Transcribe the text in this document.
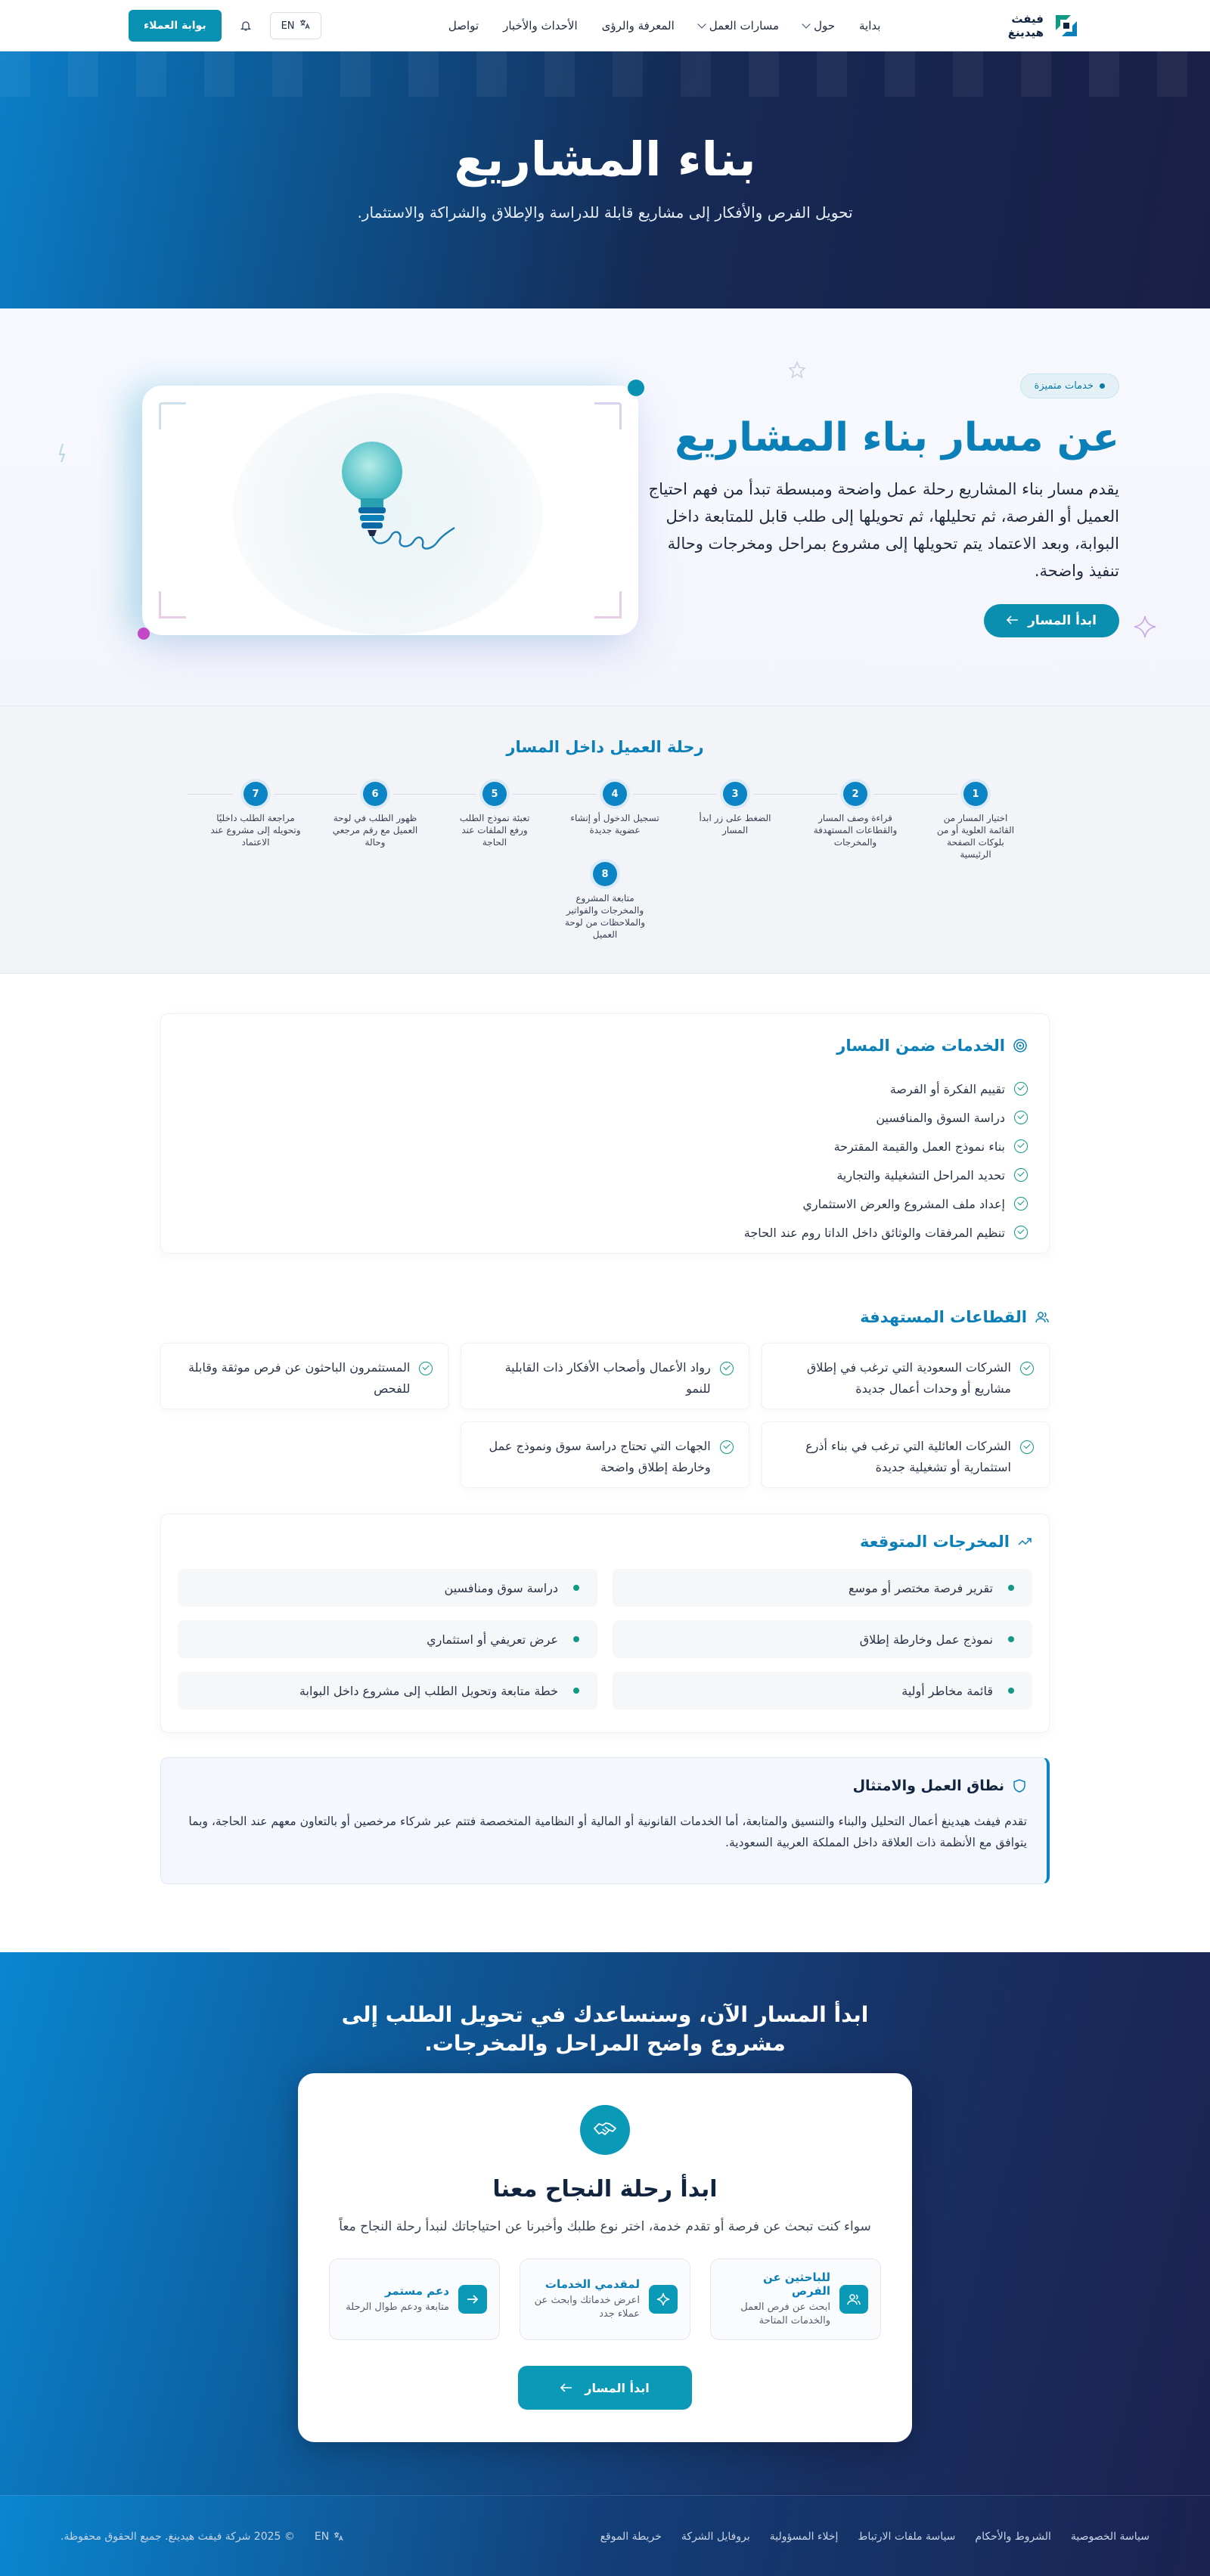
فيفث
هيدينغ
بداية
حول
مسارات العمل
المعرفة والرؤى
الأحداث والأخبار
تواصل
EN
بوابة العملاء
بناء المشاريع

تحويل الفرص والأفكار إلى مشاريع قابلة للدراسة والإطلاق والشراكة والاستثمار.

خدمات متميزة
عن مسار بناء المشاريع

يقدم مسار بناء المشاريع رحلة عمل واضحة ومبسطة تبدأ من فهم احتياج العميل أو الفرصة، ثم تحليلها، ثم تحويلها إلى طلب قابل للمتابعة داخل البوابة، وبعد الاعتماد يتم تحويلها إلى مشروع بمراحل ومخرجات وحالة تنفيذ واضحة.

ابدأ المسار
رحلة العميل داخل المسار
1
اختيار المسار من القائمة العلوية أو من بلوكات الصفحة الرئيسية
2
قراءة وصف المسار والقطاعات المستهدفة والمخرجات
3
الضغط على زر ابدأ المسار
4
تسجيل الدخول أو إنشاء عضوية جديدة
5
تعبئة نموذج الطلب ورفع الملفات عند الحاجة
6
ظهور الطلب في لوحة العميل مع رقم مرجعي وحالة
7
مراجعة الطلب داخليًا وتحويله إلى مشروع عند الاعتماد
8
متابعة المشروع والمخرجات والفواتير والملاحظات من لوحة العميل
الخدمات ضمن المسار
تقييم الفكرة أو الفرصة
دراسة السوق والمنافسين
بناء نموذج العمل والقيمة المقترحة
تحديد المراحل التشغيلية والتجارية
إعداد ملف المشروع والعرض الاستثماري
تنظيم المرفقات والوثائق داخل الداتا روم عند الحاجة
القطاعات المستهدفة
الشركات السعودية التي ترغب في إطلاق مشاريع أو وحدات أعمال جديدة
رواد الأعمال وأصحاب الأفكار ذات القابلية للنمو
المستثمرون الباحثون عن فرص موثقة وقابلة للفحص
الشركات العائلية التي ترغب في بناء أذرع استثمارية أو تشغيلية جديدة
الجهات التي تحتاج دراسة سوق ونموذج عمل وخارطة إطلاق واضحة
المخرجات المتوقعة
تقرير فرصة مختصر أو موسع
دراسة سوق ومنافسين
نموذج عمل وخارطة إطلاق
عرض تعريفي أو استثماري
قائمة مخاطر أولية
خطة متابعة وتحويل الطلب إلى مشروع داخل البوابة
نطاق العمل والامتثال

تقدم فيفث هيدينغ أعمال التحليل والبناء والتنسيق والمتابعة، أما الخدمات القانونية أو المالية أو النظامية المتخصصة فتتم عبر شركاء مرخصين أو بالتعاون معهم عند الحاجة، وبما يتوافق مع الأنظمة ذات العلاقة داخل المملكة العربية السعودية.

ابدأ المسار الآن، وسنساعدك في تحويل الطلب إلى مشروع واضح المراحل والمخرجات.
ابدأ رحلة النجاح معنا

سواء كنت تبحث عن فرصة أو تقدم خدمة، اختر نوع طلبك وأخبرنا عن احتياجاتك لنبدأ رحلة النجاح معاً

للباحثين عن الفرص
ابحث عن فرص العمل والخدمات المتاحة
لمقدمي الخدمات
اعرض خدماتك وابحث عن عملاء جدد
دعم مستمر
متابعة ودعم طوال الرحلة
ابدأ المسار
سياسة الخصوصية
الشروط والأحكام
سياسة ملفات الارتباط
إخلاء المسؤولية
بروفايل الشركة
خريطة الموقع
EN
© 2025 شركة فيفث هيدينغ. جميع الحقوق محفوظة.
